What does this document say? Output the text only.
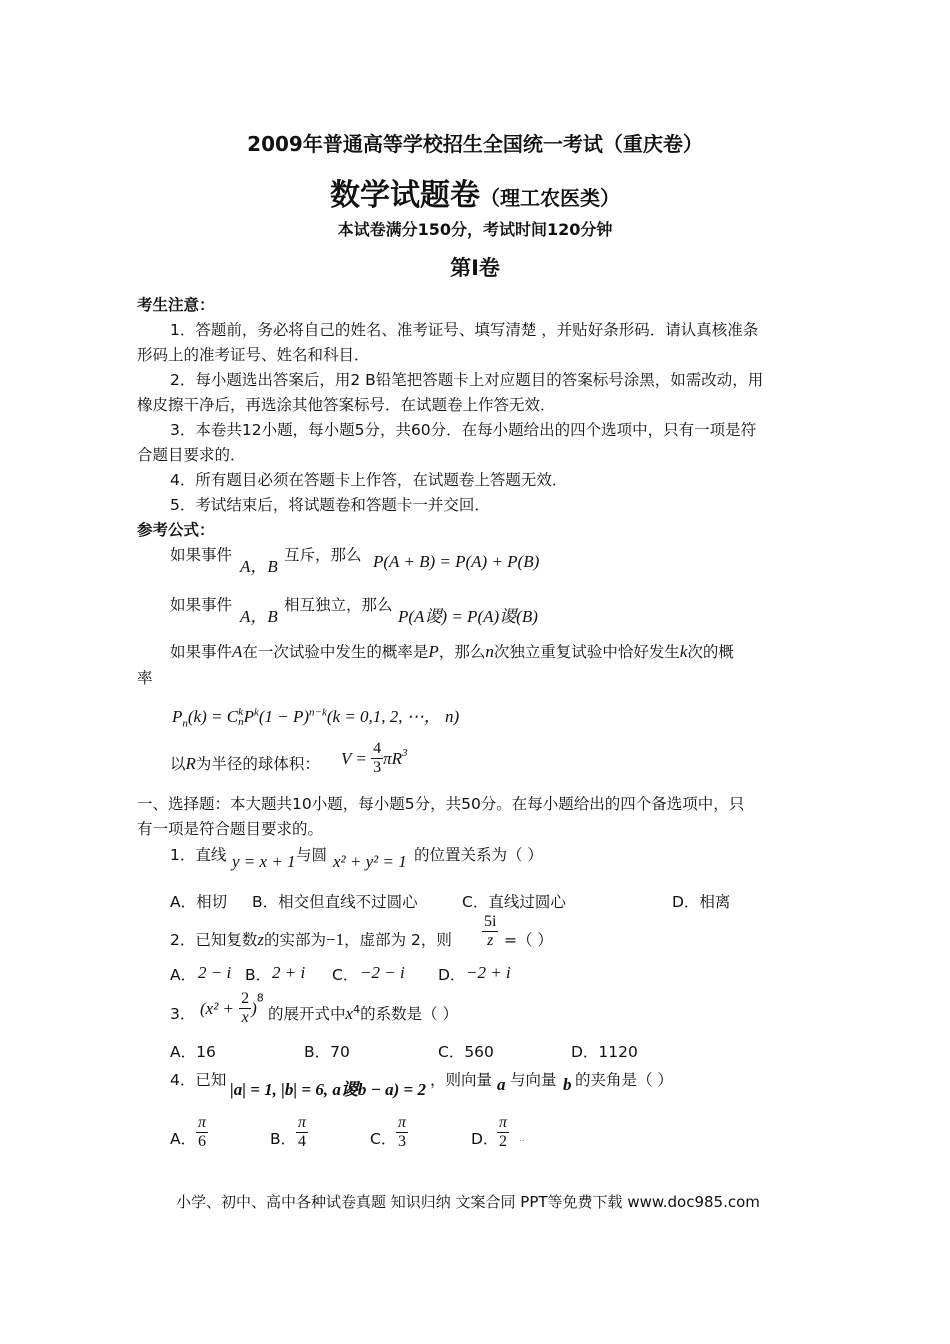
2009年普通高等学校招生全国统一考试（重庆卷）
数学试题卷（理工农医类）
本试卷满分150分，考试时间120分钟
第I卷
考生注意：
1．答题前，务必将自己的姓名、准考证号、填写清楚 ，并贴好条形码．请认真核准条
形码上的准考证号、姓名和科目．
2．每小题选出答案后，用2 B铅笔把答题卡上对应题目的答案标号涂黑，如需改动，用
橡皮擦干净后，再选涂其他答案标号．在试题卷上作答无效．
3．本卷共12小题，每小题5分，共60分．在每小题给出的四个选项中，只有一项是符
合题目要求的．
4．所有题目必须在答题卡上作答，在试题卷上答题无效．
5．考试结束后，将试题卷和答题卡一并交回．
参考公式：
如果事件
A，B
互斥，那么 P(A + B) = P(A) + P(B)
如果事件
A，B
相互独立，那么
P(A谡) = P(A)谡(B)
如果事件A在一次试验中发生的概率是P，那么n次独立重复试验中恰好发生k次的概
率
$P_n(k) = C$ k
n $P^k(1 - P)^{n-k}(k = 0,1$, 2, ⋯， n)
以R为半径的球体积： $V = \frac{4}{3} \pi R^3$
一、选择题：本大题共10小题，每小题5分，共50分。在每小题给出的四个备选项中，只
有一项是符合题目要求的。
1．直线 y = x + 1 与圆 x² + y² = 1 的位置关系为（ ）
A．相切 B．相交但直线不过圆心	C．直线过圆心	D．相离
2．已知复数z的实部为−1，虚部为 2，则 $\frac{5i}{z}$ =（ ）
A． 2 − i B． 2 + i C． −2 − i D． −2 + i
3． $(x^2 + \frac{2}{x} )^8$
的展开式中$x^4$的系数是（ ）
A．16	B．70	C．560	D．1120
4．已知 |a| = 1, |b| = 6, a谡b − a) = 2 ，则向量 a 与向量 b 的夹角是（ ）
A． $\frac{\pi}{6}$	B． $\frac{\pi}{4}$	C． $\frac{\pi}{3}$	D．
$\frac{\pi}{2}$ ..
小学、初中、高中各种试卷真题 知识归纳 文案合同 PPT等免费下载 www.doc985.com
